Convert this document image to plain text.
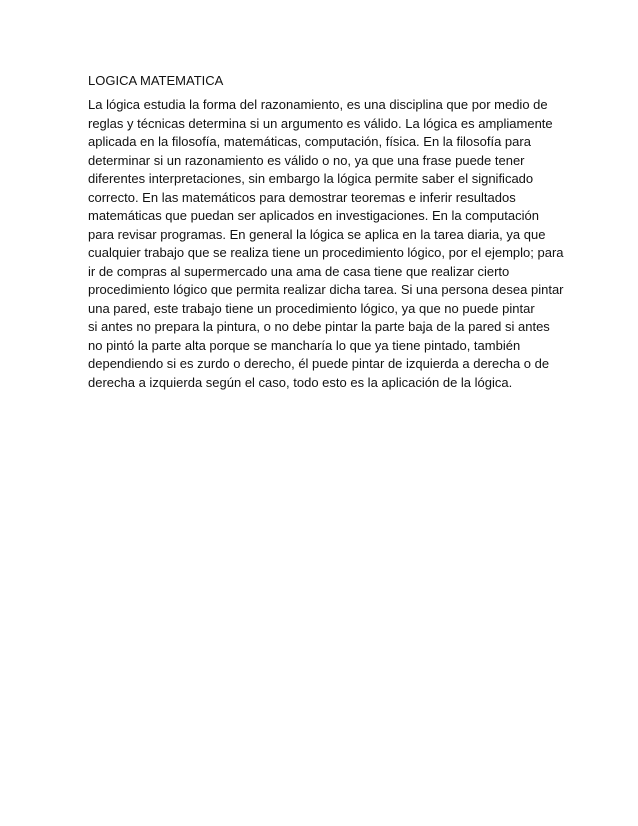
LOGICA MATEMATICA
La lógica estudia la forma del razonamiento, es una disciplina que por medio de
reglas y técnicas determina si un argumento es válido. La lógica es ampliamente
aplicada en la filosofía, matemáticas, computación, física. En la filosofía para
determinar si un razonamiento es válido o no, ya que una frase puede tener
diferentes interpretaciones, sin embargo la lógica permite saber el significado
correcto. En las matemáticos para demostrar teoremas e inferir resultados
matemáticas que puedan ser aplicados en investigaciones. En la computación
para revisar programas. En general la lógica se aplica en la tarea diaria, ya que
cualquier trabajo que se realiza tiene un procedimiento lógico, por el ejemplo; para
ir de compras al supermercado una ama de casa tiene que realizar cierto
procedimiento lógico que permita realizar dicha tarea. Si una persona desea pintar
una pared, este trabajo tiene un procedimiento lógico, ya que no puede pintar
si antes no prepara la pintura, o no debe pintar la parte baja de la pared si antes
no pintó la parte alta porque se mancharía lo que ya tiene pintado, también
dependiendo si es zurdo o derecho, él puede pintar de izquierda a derecha o de
derecha a izquierda según el caso, todo esto es la aplicación de la lógica.
